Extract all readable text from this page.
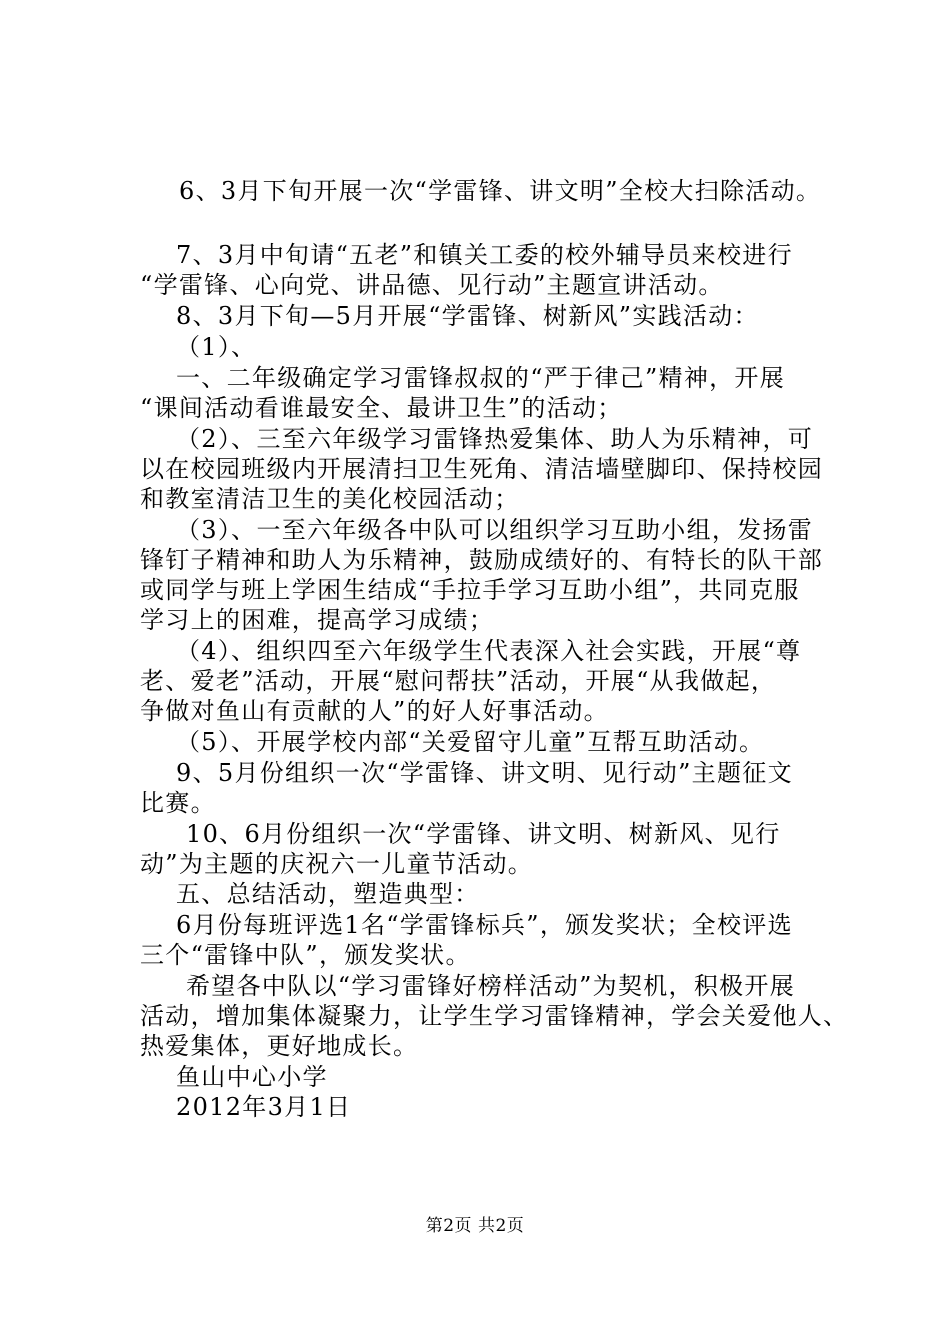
6、3月下旬开展一次“学雷锋、讲文明”全校大扫除活动。

7、3月中旬请“五老”和镇关工委的校外辅导员来校进行

“学雷锋、心向党、讲品德、见行动”主题宣讲活动。

8、3月下旬—5月开展“学雷锋、树新风”实践活动：

（1）、

一、二年级确定学习雷锋叔叔的“严于律己”精神，开展

“课间活动看谁最安全、最讲卫生”的活动；

（2）、三至六年级学习雷锋热爱集体、助人为乐精神，可

以在校园班级内开展清扫卫生死角、清洁墙壁脚印、保持校园

和教室清洁卫生的美化校园活动；

（3）、一至六年级各中队可以组织学习互助小组，发扬雷

锋钉子精神和助人为乐精神，鼓励成绩好的、有特长的队干部

或同学与班上学困生结成“手拉手学习互助小组”，共同克服

学习上的困难，提高学习成绩；

（4）、组织四至六年级学生代表深入社会实践，开展“尊

老、爱老”活动，开展“慰问帮扶”活动，开展“从我做起，

争做对鱼山有贡献的人”的好人好事活动。

（5）、开展学校内部“关爱留守儿童”互帮互助活动。

9、5月份组织一次“学雷锋、讲文明、见行动”主题征文

比赛。

10、6月份组织一次“学雷锋、讲文明、树新风、见行

动”为主题的庆祝六一儿童节活动。

五、总结活动，塑造典型：

6月份每班评选1名“学雷锋标兵”，颁发奖状；全校评选

三个“雷锋中队”，颁发奖状。

希望各中队以“学习雷锋好榜样活动”为契机，积极开展

活动，增加集体凝聚力，让学生学习雷锋精神，学会关爱他人、

热爱集体，更好地成长。

鱼山中心小学

2012年3月1日

第2页 共2页
